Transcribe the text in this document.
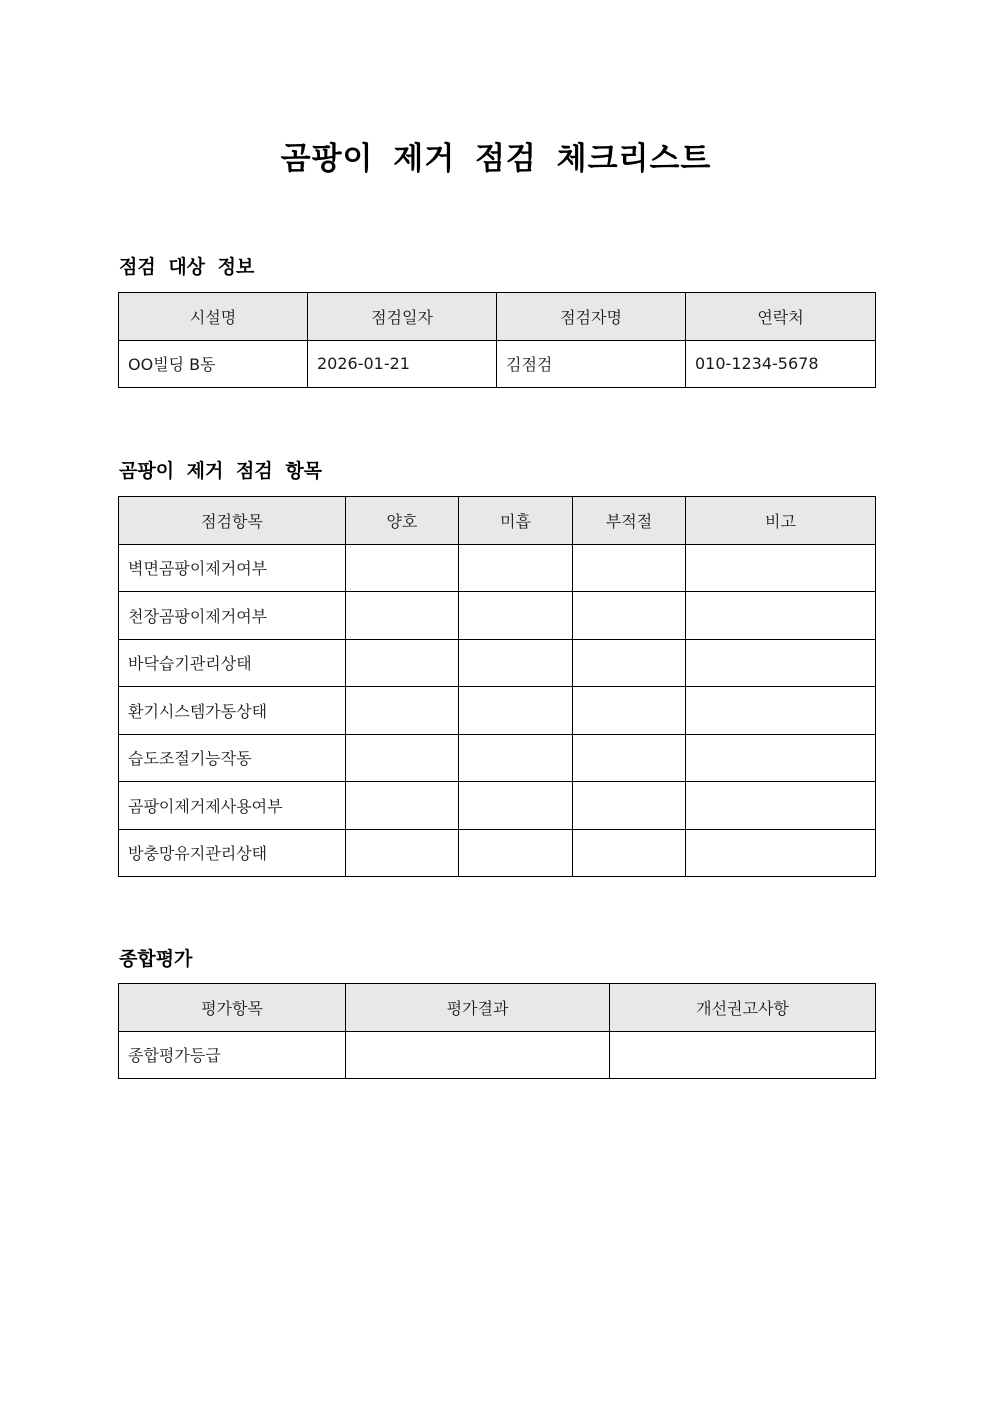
곰팡이 제거 점검 체크리스트
점검 대상 정보
시설명	점검일자	점검자명	연락처
OO빌딩 B동	2026-01-21	김점검	010-1234-5678
곰팡이 제거 점검 항목
점검항목	양호	미흡	부적절	비고
벽면곰팡이제거여부				
천장곰팡이제거여부				
바닥습기관리상태				
환기시스템가동상태				
습도조절기능작동				
곰팡이제거제사용여부				
방충망유지관리상태				
종합평가
평가항목	평가결과	개선권고사항
종합평가등급		
